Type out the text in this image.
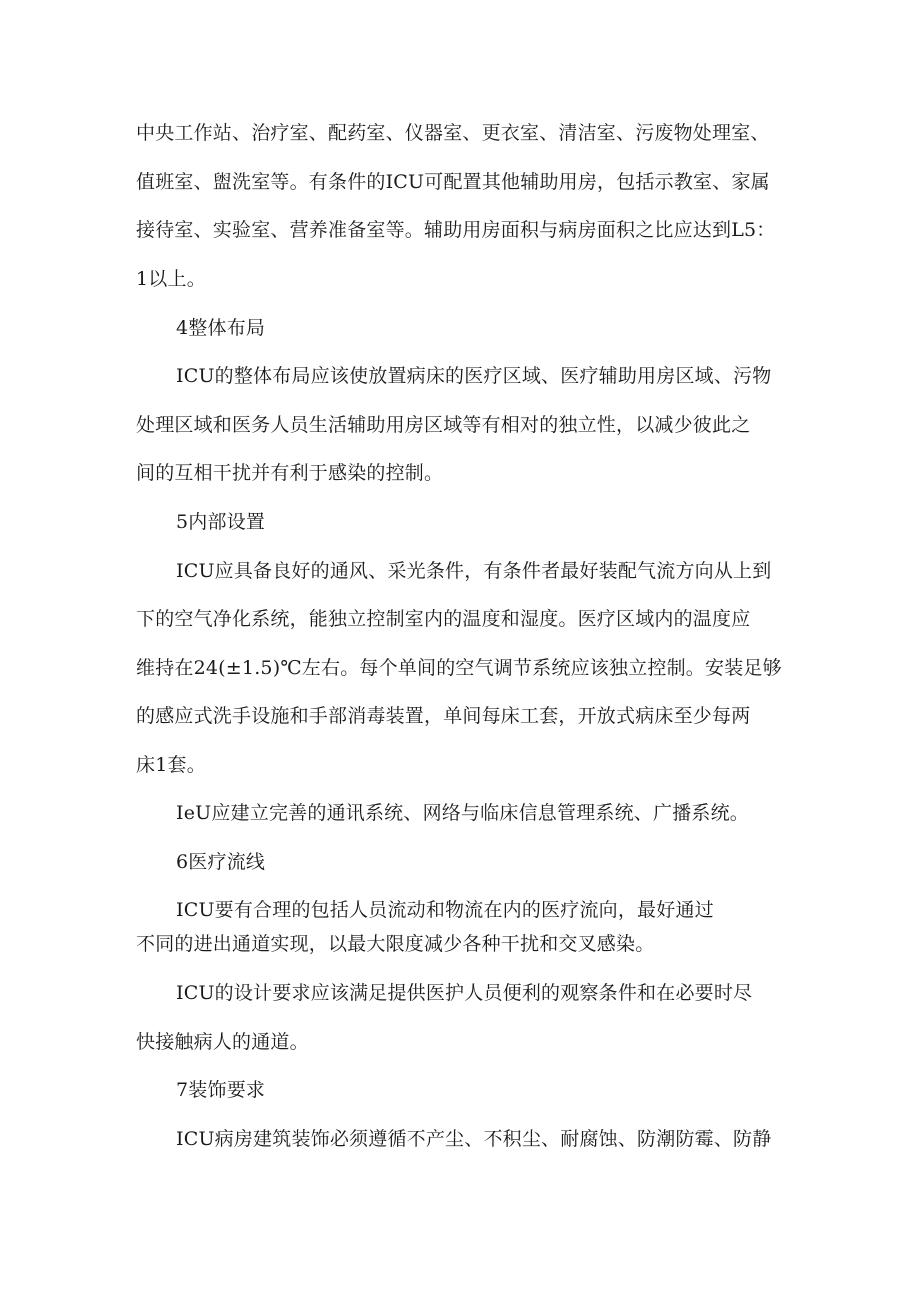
中央工作站、治疗室、配药室、仪器室、更衣室、清洁室、污废物处理室、
值班室、盥洗室等。有条件的ICU可配置其他辅助用房，包括示教室、家属
接待室、实验室、营养准备室等。辅助用房面积与病房面积之比应达到L5：
1以上。
4整体布局
ICU的整体布局应该使放置病床的医疗区域、医疗辅助用房区域、污物
处理区域和医务人员生活辅助用房区域等有相对的独立性，以减少彼此之
间的互相干扰并有利于感染的控制。
5内部设置
ICU应具备良好的通风、采光条件，有条件者最好装配气流方向从上到
下的空气净化系统，能独立控制室内的温度和湿度。医疗区域内的温度应
维持在24(±1.5)℃左右。每个单间的空气调节系统应该独立控制。安装足够
的感应式洗手设施和手部消毒装置，单间每床工套，开放式病床至少每两
床1套。
IeU应建立完善的通讯系统、网络与临床信息管理系统、广播系统。
6医疗流线
ICU要有合理的包括人员流动和物流在内的医疗流向，最好通过
不同的进出通道实现，以最大限度减少各种干扰和交叉感染。
ICU的设计要求应该满足提供医护人员便利的观察条件和在必要时尽
快接触病人的通道。
7装饰要求
ICU病房建筑装饰必须遵循不产尘、不积尘、耐腐蚀、防潮防霉、防静
